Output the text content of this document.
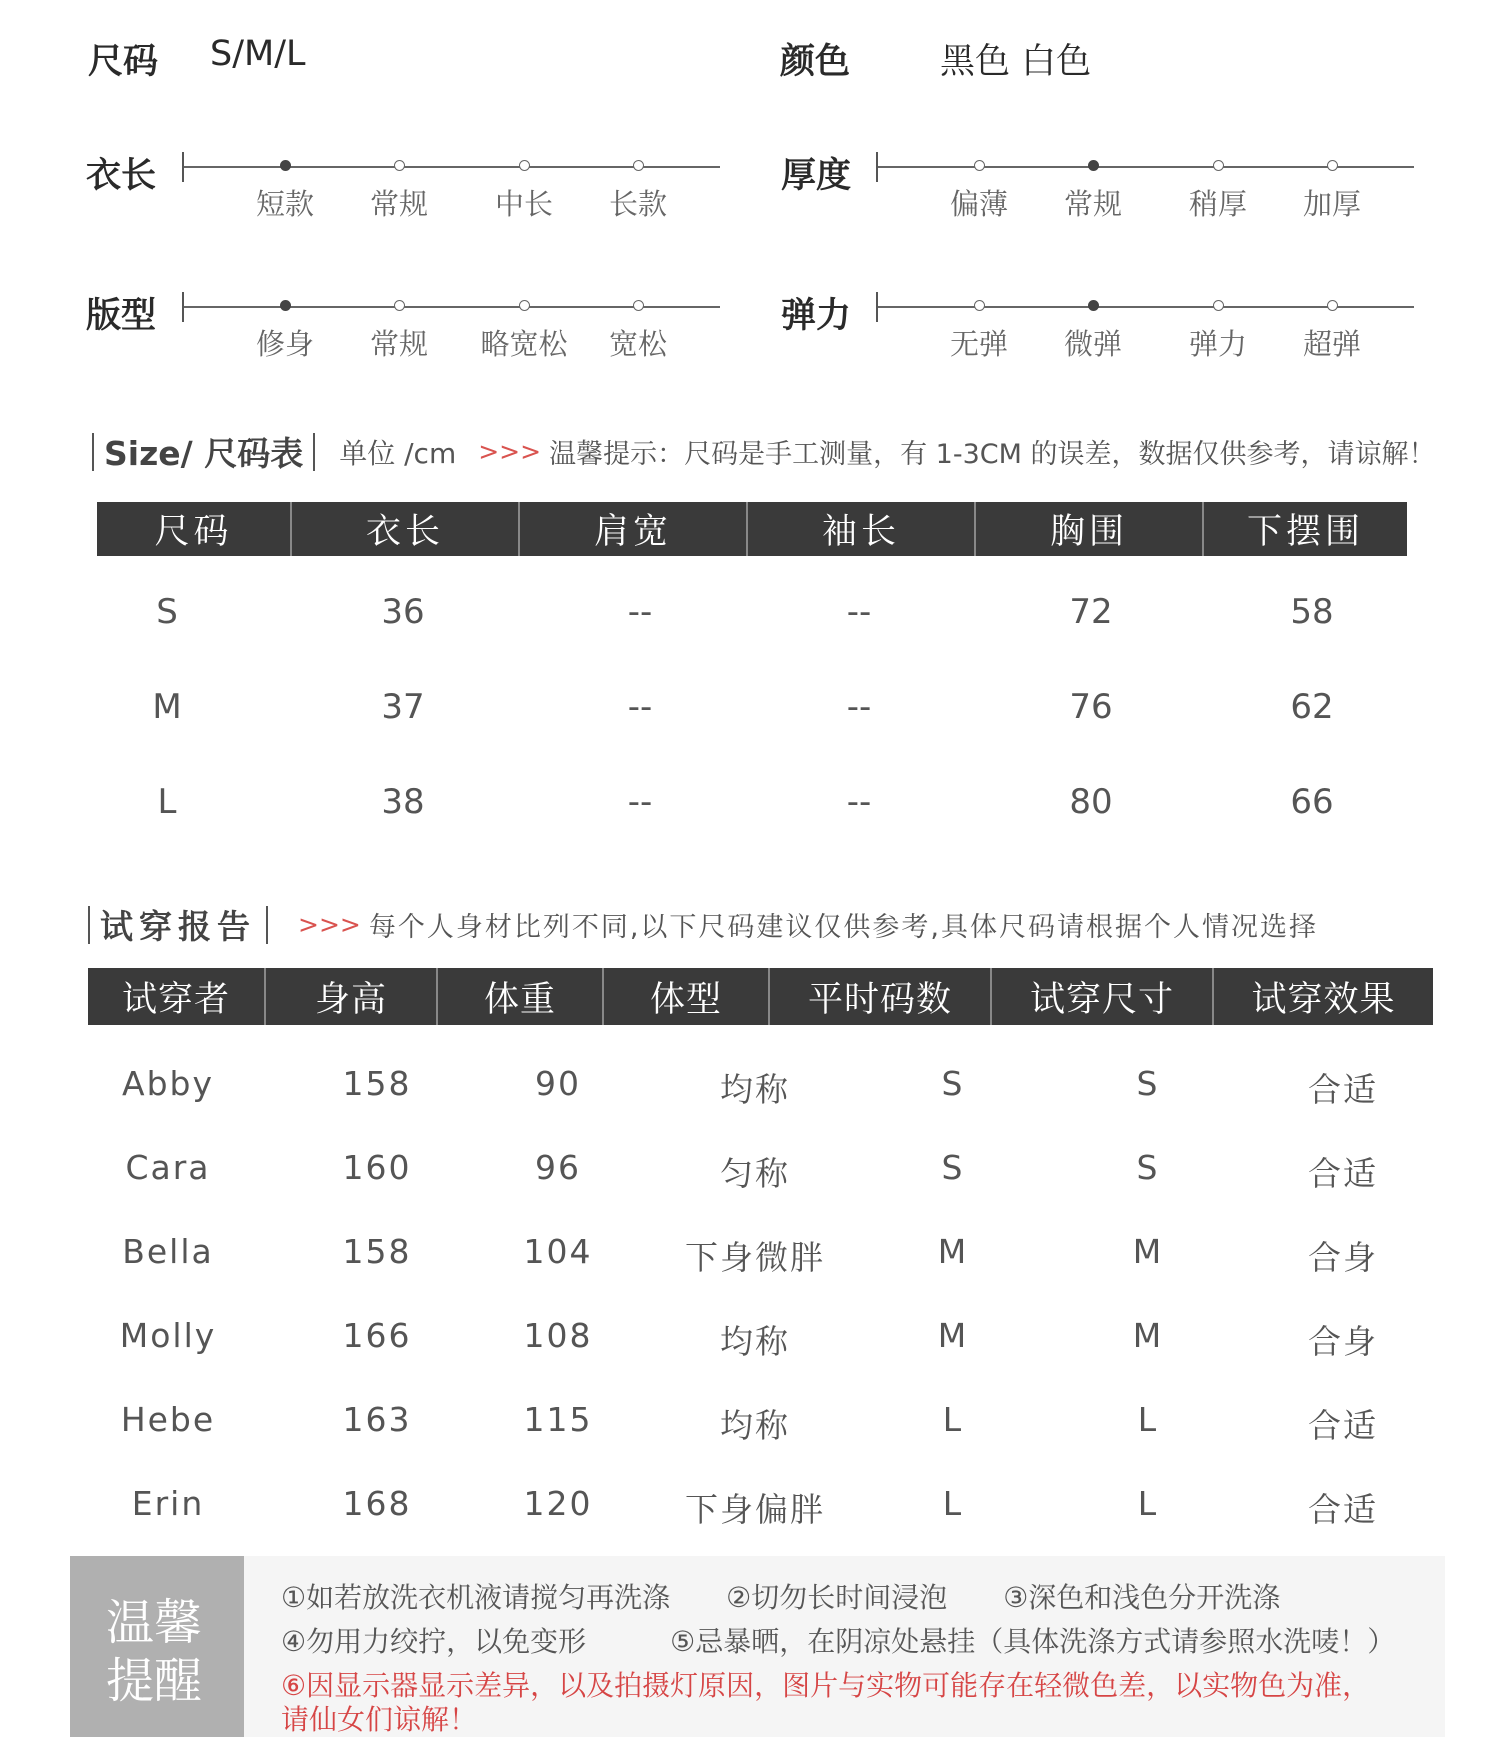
尺码 S/M/L	颜色	黑色 白色
衣长
短款	常规	中长	长款
厚度
偏薄	常规	稍厚	加厚
版型
修身	常规	略宽松	宽松
弹力
无弹	微弹	弹力	超弹
Size/ 尺码表 单位 /cm >>> 温馨提示：尺码是手工测量，有 1-3CM 的误差，数据仅供参考，请谅解！
尺码	衣长	肩宽	袖长	胸围	下摆围
S	36	--	--	72	58
M	37	--	--	76	62
L	38	--	--	80	66
试穿报告 >>> 每个人身材比列不同,以下尺码建议仅供参考,具体尺码请根据个人情况选择
试穿者	身高	体重	体型	平时码数	试穿尺寸	试穿效果
Abby	158	90	均称	S	S	合适
Cara	160	96	匀称	S	S	合适
Bella	158	104	下身微胖	M	M	合身
Molly	166	108	均称	M	M	合身
Hebe	163	115	均称	L	L	合适
Erin	168	120	下身偏胖	L	L	合适
温馨提醒
①如若放洗衣机液请搅匀再洗涤　　②切勿长时间浸泡　　③深色和浅色分开洗涤
④勿用力绞拧，以免变形　　　⑤忌暴晒，在阴凉处悬挂（具体洗涤方式请参照水洗唛！）
⑥因显示器显示差异，以及拍摄灯原因，图片与实物可能存在轻微色差，以实物色为准，
请仙女们谅解！
